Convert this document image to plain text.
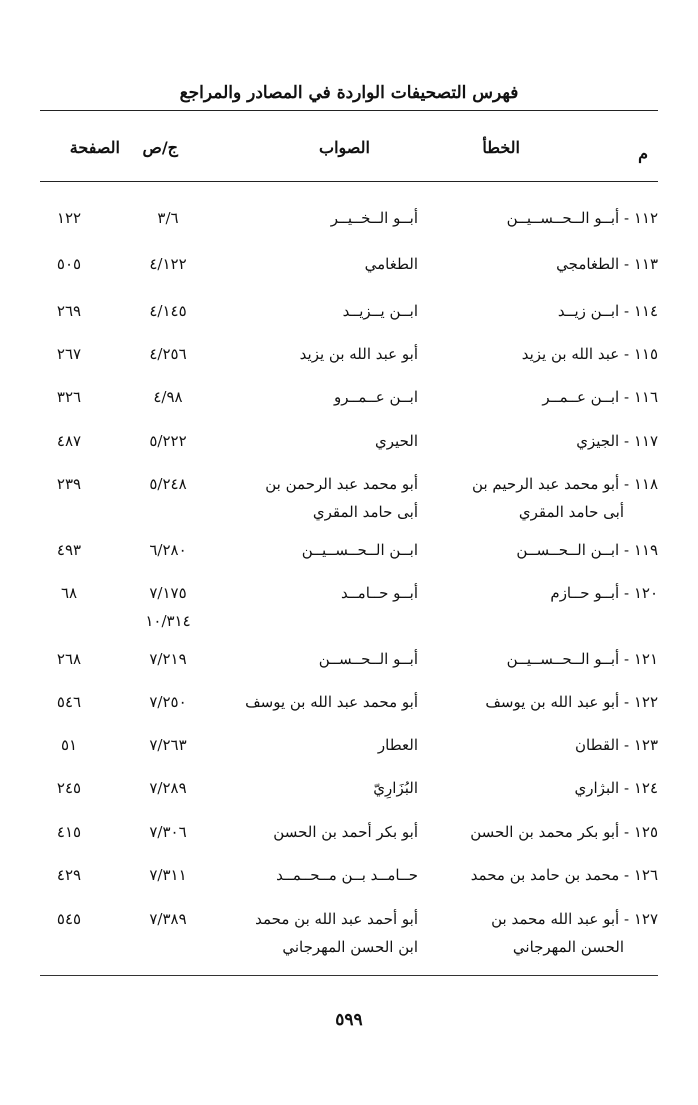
فهرس التصحيفات الواردة في المصادر والمراجع
م
الخطأ
الصواب
ج/ص
الصفحة
١١٢ - أبــو الــحــســيــن
أبــو الــخــيــر
٣/٦
١٢٢
١١٣ - الطغامجي
الطغامي
٤/١٢٢
٥٠٥
١١٤ - ابــن زيــد
ابــن يــزيــد
٤/١٤٥
٢٦٩
١١٥ - عبد الله بن يزيد
أبو عبد الله بن يزيد
٤/٢٥٦
٢٦٧
١١٦ - ابــن عــمــر
ابــن عــمــرو
٤/٩٨
٣٢٦
١١٧ - الجيزي
الحيري
٥/٢٢٢
٤٨٧
١١٨ - أبو محمد عبد الرحيم بن
أبى حامد المقري
أبو محمد عبد الرحمن بن
أبى حامد المقري
٥/٢٤٨
٢٣٩
١١٩ - ابــن الــحــســن
ابــن الــحــســيــن
٦/٢٨٠
٤٩٣
١٢٠ - أبــو حــازم
أبــو حــامــد
٧/١٧٥
١٠/٣١٤
٦٨
١٢١ - أبــو الــحــســيــن
أبــو الــحــســن
٧/٢١٩
٢٦٨
١٢٢ - أبو عبد الله بن يوسف
أبو محمد عبد الله بن يوسف
٧/٢٥٠
٥٤٦
١٢٣ - القطان
العطار
٧/٢٦٣
٥١
١٢٤ - البژاري
البُزَارِيّ
٧/٢٨٩
٢٤٥
١٢٥ - أبو بكر محمد بن الحسن
أبو بكر أحمد بن الحسن
٧/٣٠٦
٤١٥
١٢٦ - محمد بن حامد بن محمد
حــامــد بــن مــحــمــد
٧/٣١١
٤٢٩
١٢٧ - أبو عبد الله محمد بن
الحسن المهرجاني
أبو أحمد عبد الله بن محمد
ابن الحسن المهرجاني
٧/٣٨٩
٥٤٥
٥٩٩
